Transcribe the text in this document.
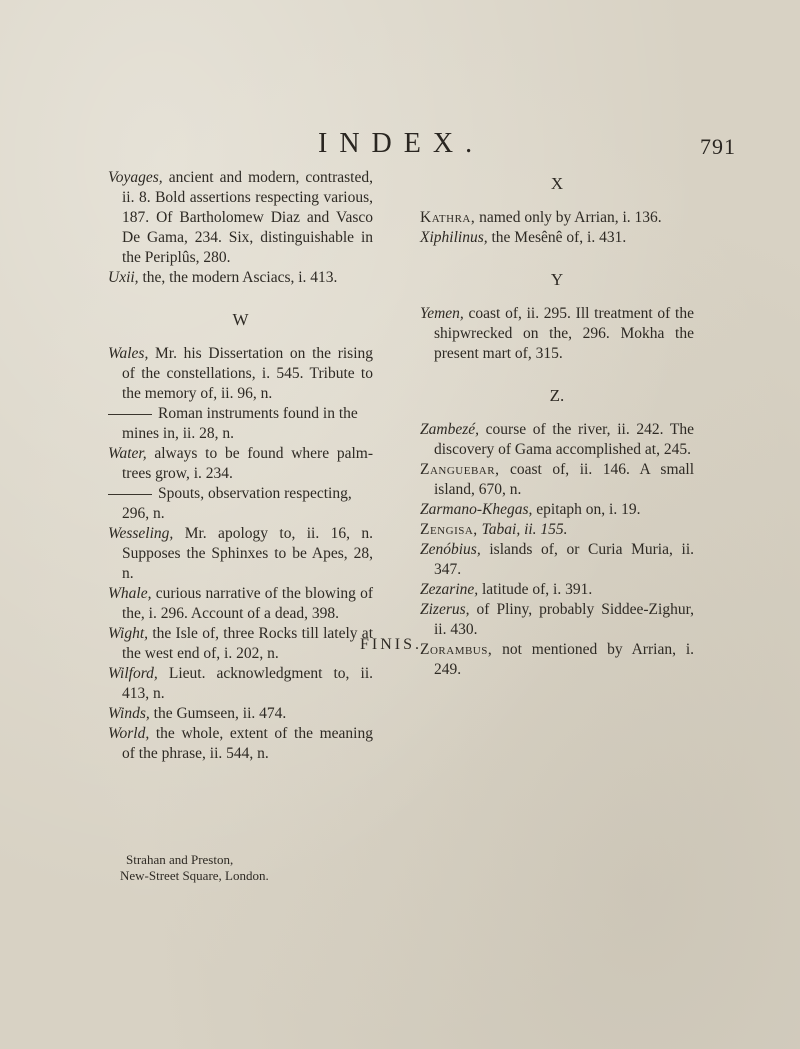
INDEX.	791

Voyages, ancient and modern, contrasted, ii. 8. Bold assertions respecting various, 187. Of Bartholomew Diaz and Vasco De Gama, 234. Six, distinguishable in the Periplûs, 280.

Uxii, the, the modern Asciacs, i. 413.

W

Wales, Mr. his Dissertation on the rising of the constellations, i. 545. Tribute to the memory of, ii. 96, n.

Roman instruments found in the mines in, ii. 28, n.

Water, always to be found where palm-trees grow, i. 234.

Spouts, observation respecting, 296, n.

Wesseling, Mr. apology to, ii. 16, n. Supposes the Sphinxes to be Apes, 28, n.

Whale, curious narrative of the blowing of the, i. 296. Account of a dead, 398.

Wight, the Isle of, three Rocks till lately at the west end of, i. 202, n.

Wilford, Lieut. acknowledgment to, ii. 413, n.

Winds, the Gumseen, ii. 474.

World, the whole, extent of the meaning of the phrase, ii. 544, n.

X

Kathra, named only by Arrian, i. 136.

Xiphilinus, the Mesênê of, i. 431.

Y

Yemen, coast of, ii. 295. Ill treatment of the shipwrecked on the, 296. Mokha the present mart of, 315.

Z.

Zambezé, course of the river, ii. 242. The discovery of Gama accomplished at, 245.

Zanguebar, coast of, ii. 146. A small island, 670, n.

Zarmano-Khegas, epitaph on, i. 19.

Zengisa, Tabai, ii. 155.

Zenóbius, islands of, or Curia Muria, ii. 347.

Zezarine, latitude of, i. 391.

Zizerus, of Pliny, probably Siddee-Zighur, ii. 430.

Zorambus, not mentioned by Arrian, i. 249.

FINIS.
Strahan and Preston,
New-Street Square, London.
